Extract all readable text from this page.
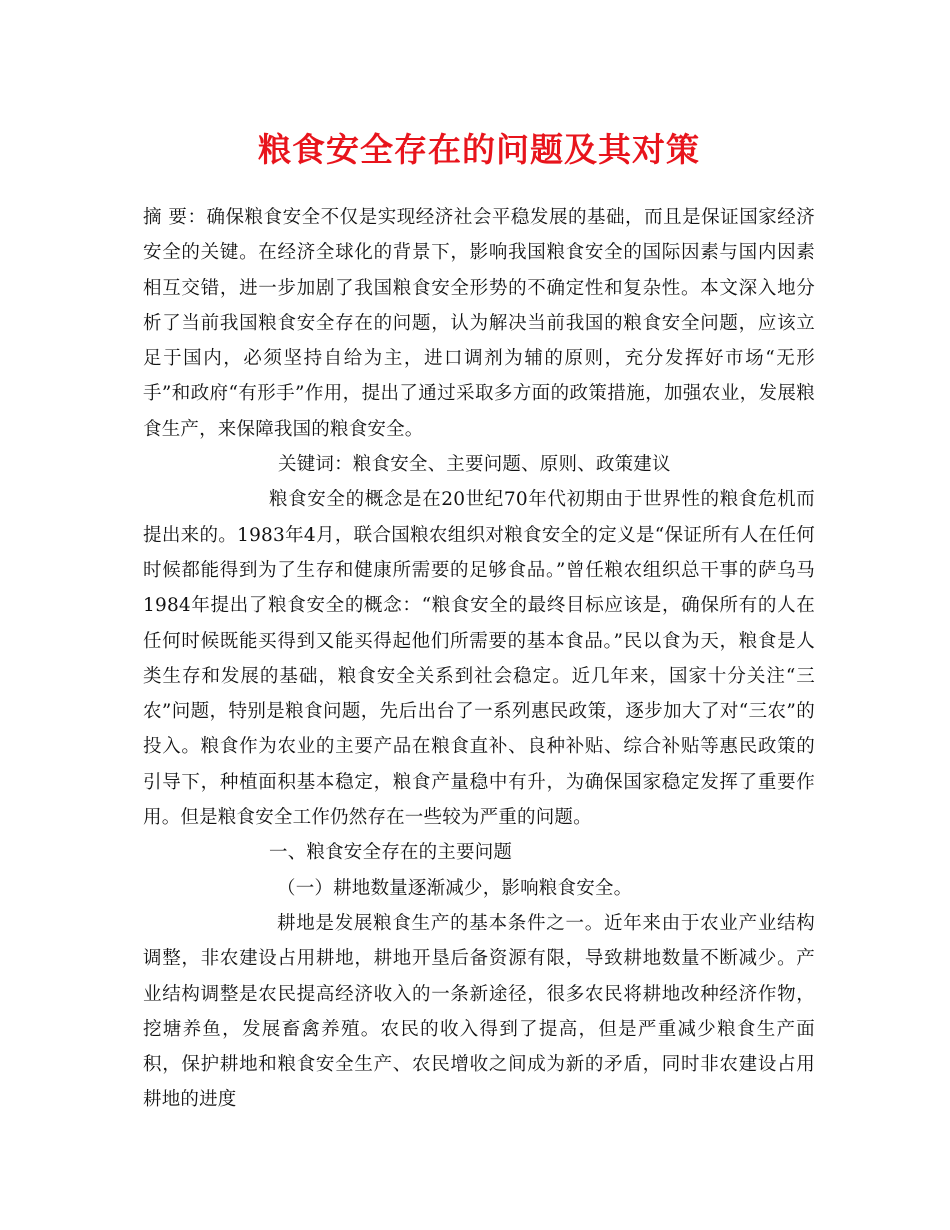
粮食安全存在的问题及其对策

摘 要：确保粮食安全不仅是实现经济社会平稳发展的基础，而且是保证国家经济安全的关键。在经济全球化的背景下，影响我国粮食安全的国际因素与国内因素相互交错，进一步加剧了我国粮食安全形势的不确定性和复杂性。本文深入地分析了当前我国粮食安全存在的问题，认为解决当前我国的粮食安全问题，应该立足于国内，必须坚持自给为主，进口调剂为辅的原则，充分发挥好市场“无形手”和政府“有形手”作用，提出了通过采取多方面的政策措施，加强农业，发展粮食生产，来保障我国的粮食安全。

关键词：粮食安全、主要问题、原则、政策建议

粮食安全的概念是在20世纪70年代初期由于世界性的粮食危机而提出来的。1983年4月，联合国粮农组织对粮食安全的定义是“保证所有人在任何时候都能得到为了生存和健康所需要的足够食品。”曾任粮农组织总干事的萨乌马1984年提出了粮食安全的概念：“粮食安全的最终目标应该是，确保所有的人在任何时候既能买得到又能买得起他们所需要的基本食品。”民以食为天，粮食是人类生存和发展的基础，粮食安全关系到社会稳定。近几年来，国家十分关注“三农”问题，特别是粮食问题，先后出台了一系列惠民政策，逐步加大了对“三农”的投入。粮食作为农业的主要产品在粮食直补、良种补贴、综合补贴等惠民政策的引导下，种植面积基本稳定，粮食产量稳中有升，为确保国家稳定发挥了重要作用。但是粮食安全工作仍然存在一些较为严重的问题。

一、粮食安全存在的主要问题

（一）耕地数量逐渐减少，影响粮食安全。

耕地是发展粮食生产的基本条件之一。近年来由于农业产业结构调整，非农建设占用耕地，耕地开垦后备资源有限，导致耕地数量不断减少。产业结构调整是农民提高经济收入的一条新途径，很多农民将耕地改种经济作物，挖塘养鱼，发展畜禽养殖。农民的收入得到了提高，但是严重减少粮食生产面积，保护耕地和粮食安全生产、农民增收之间成为新的矛盾，同时非农建设占用耕地的进度
